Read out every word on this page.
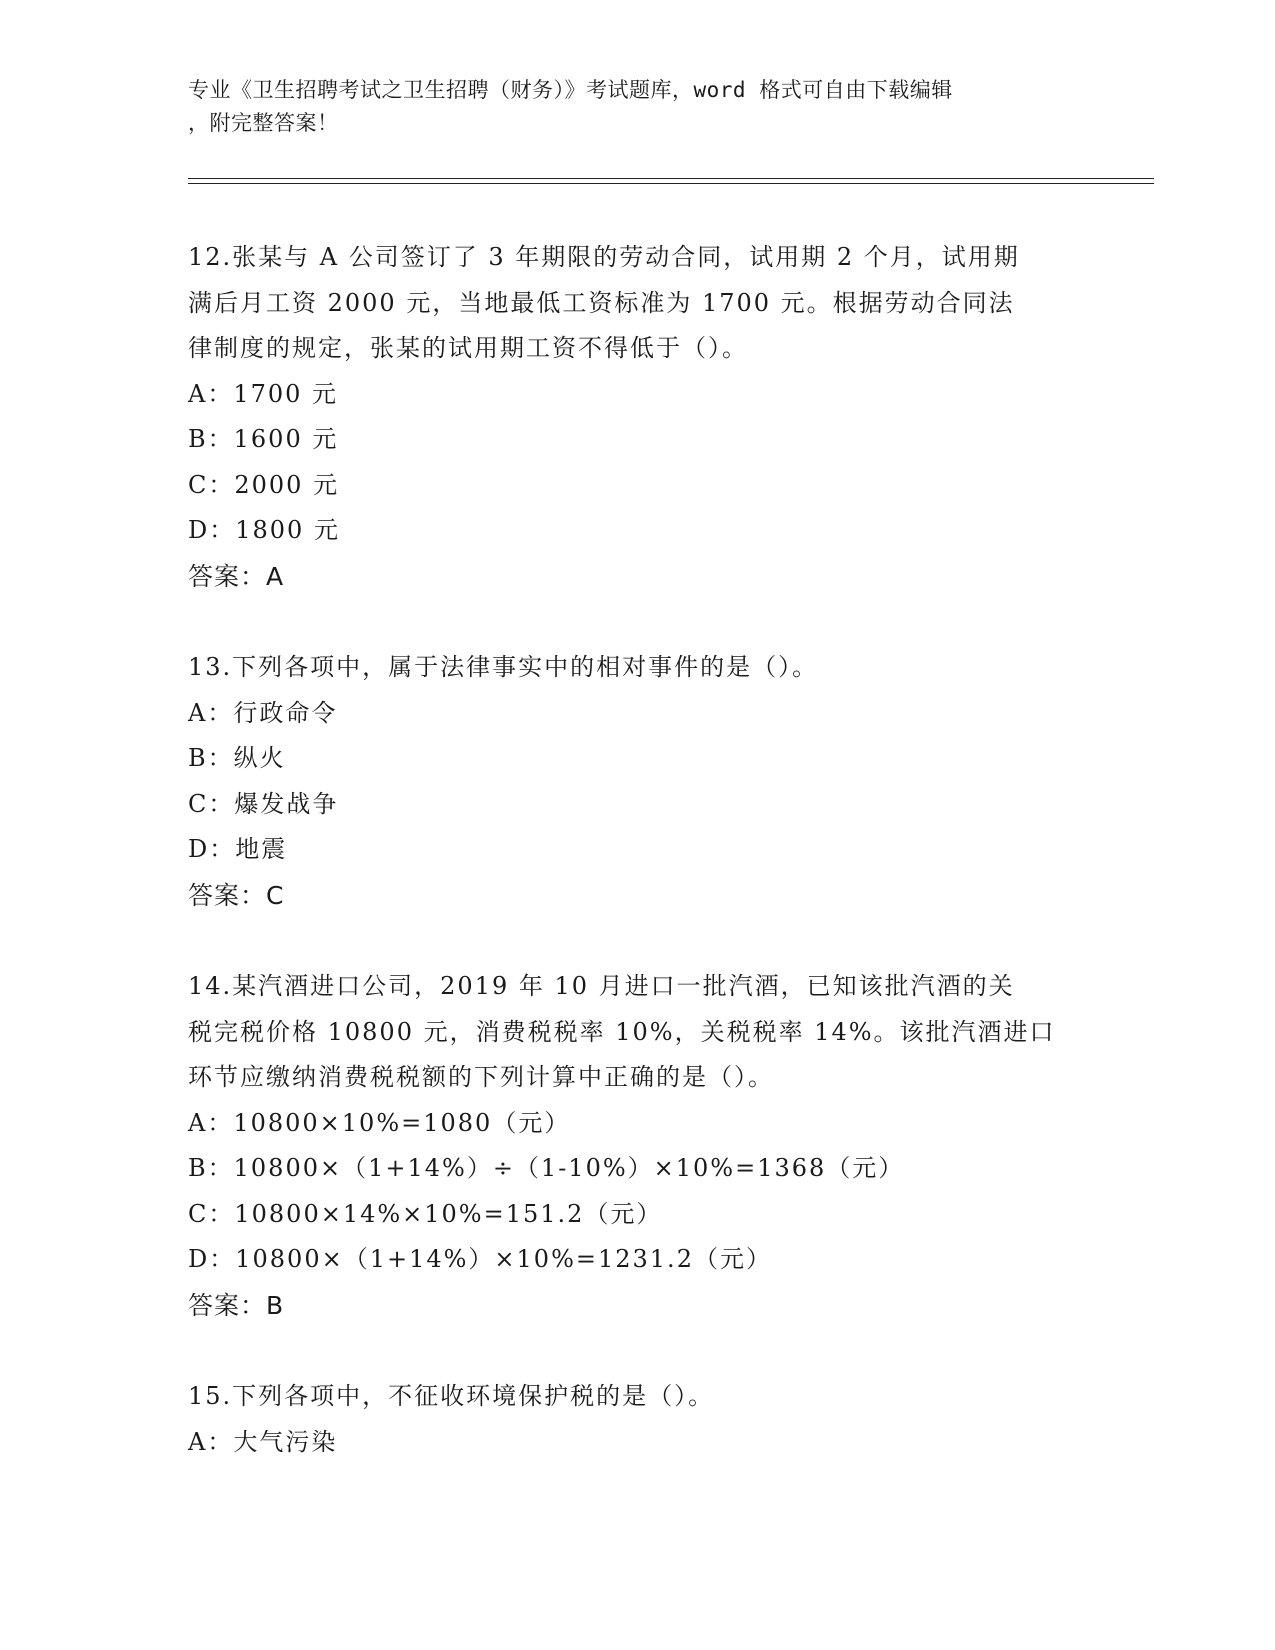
专业《卫生招聘考试之卫生招聘（财务）》考试题库，word 格式可自由下载编辑
，附完整答案！
12.张某与 A 公司签订了 3 年期限的劳动合同，试用期 2 个月，试用期
满后月工资 2000 元，当地最低工资标准为 1700 元。根据劳动合同法
律制度的规定，张某的试用期工资不得低于（）。
A：1700 元
B：1600 元
C：2000 元
D：1800 元
答案：A
13.下列各项中，属于法律事实中的相对事件的是（）。
A：行政命令
B：纵火
C：爆发战争
D：地震
答案：C
14.某汽酒进口公司，2019 年 10 月进口一批汽酒，已知该批汽酒的关
税完税价格 10800 元，消费税税率 10%，关税税率 14%。该批汽酒进口
环节应缴纳消费税税额的下列计算中正确的是（）。
A：10800×10%=1080（元）
B：10800×（1+14%）÷（1-10%）×10%=1368（元）
C：10800×14%×10%=151.2（元）
D：10800×（1+14%）×10%=1231.2（元）
答案：B
15.下列各项中，不征收环境保护税的是（）。
A：大气污染
